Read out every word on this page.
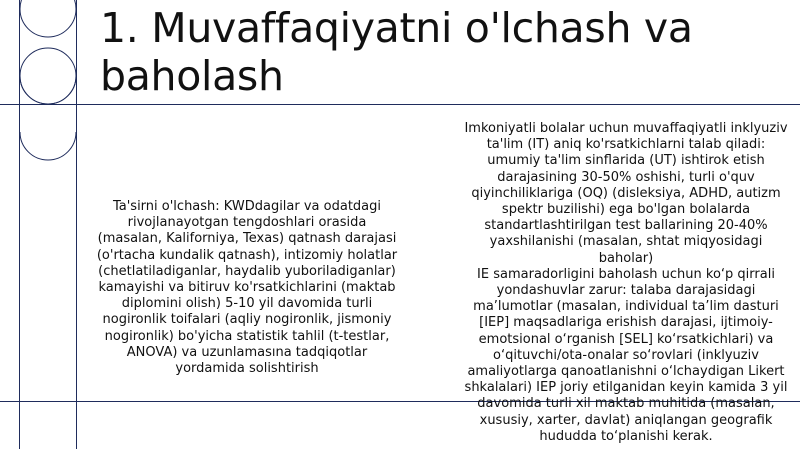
1. Muvaffaqiyatni o'lchash va baholash

Ta'sirni o'lchash: KWDdagilar va odatdagi rivojlanayotgan tengdoshlari orasida (masalan, Kaliforniya, Texas) qatnash darajasi (o'rtacha kundalik qatnash), intizomiy holatlar (chetlatiladiganlar, haydalib yuboriladiganlar) kamayishi va bitiruv ko'rsatkichlarini (maktab diplomini olish) 5-10 yil davomida turli nogironlik toifalari (aqliy nogironlik, jismoniy nogironlik) bo'yicha statistik tahlil (t-testlar, ANOVA) va uzunlamasına tadqiqotlar yordamida solishtirish

Imkoniyatli bolalar uchun muvaffaqiyatli inklyuziv ta'lim (IT) aniq ko'rsatkichlarni talab qiladi: umumiy ta'lim sinflarida (UT) ishtirok etish darajasining 30-50% oshishi, turli o'quv qiyinchiliklariga (OQ) (disleksiya, ADHD, autizm spektr buzilishi) ega bo'lgan bolalarda standartlashtirilgan test ballarining 20-40% yaxshilanishi (masalan, shtat miqyosidagi baholar)

IE samaradorligini baholash uchun ko‘p qirrali yondashuvlar zarur: talaba darajasidagi ma’lumotlar (masalan, individual ta’lim dasturi [IEP] maqsadlariga erishish darajasi, ijtimoiy-emotsional o‘rganish [SEL] ko‘rsatkichlari) va o‘qituvchi/ota-onalar so‘rovlari (inklyuziv amaliyotlarga qanoatlanishni o‘lchaydigan Likert shkalalari) IEP joriy etilganidan keyin kamida 3 yil davomida turli xil maktab muhitida (masalan, xususiy, xarter, davlat) aniqlangan geografik hududda to‘planishi kerak.
